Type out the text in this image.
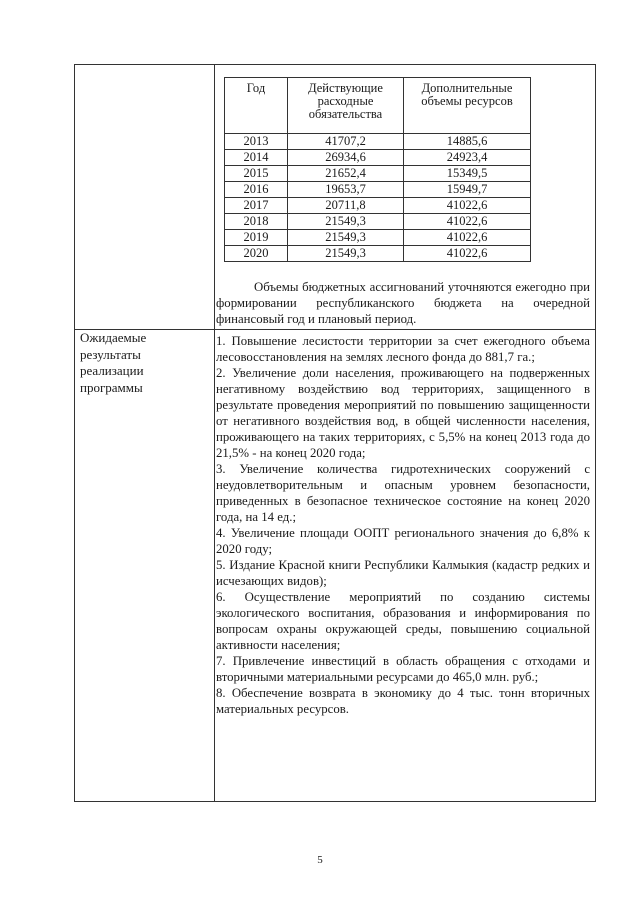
Год	Действующие расходные обязательства	Дополнительные объемы ресурсов
2013	41707,2	14885,6
2014	26934,6	24923,4
2015	21652,4	15349,5
2016	19653,7	15949,7
2017	20711,8	41022,6
2018	21549,3	41022,6
2019	21549,3	41022,6
2020	21549,3	41022,6

Объемы бюджетных ассигнований уточняются ежегодно при формировании республиканского бюджета на очередной финансовый год и плановый период.

Ожидаемые
результаты
реализации
программы

1. Повышение лесистости территории за счет ежегодного объема лесовосстановления на землях лесного фонда до 881,7 га.;

2. Увеличение доли населения, проживающего на подверженных негативному воздействию вод территориях, защищенного в результате проведения мероприятий по повышению защищенности от негативного воздействия вод, в общей численности населения, проживающего на таких территориях, с 5,5% на конец 2013 года до 21,5% - на конец 2020 года;

3. Увеличение количества гидротехнических сооружений с неудовлетворительным и опасным уровнем безопасности, приведенных в безопасное техническое состояние на конец 2020 года, на 14 ед.;

4. Увеличение площади ООПТ регионального значения до 6,8% к 2020 году;

5. Издание Красной книги Республики Калмыкия (кадастр редких и исчезающих видов);

6. Осуществление мероприятий по созданию системы экологического воспитания, образования и информирования по вопросам охраны окружающей среды, повышению социальной активности населения;

7. Привлечение инвестиций в область обращения с отходами и вторичными материальными ресурсами до 465,0 млн. руб.;

8. Обеспечение возврата в экономику до 4 тыс. тонн вторичных материальных ресурсов.

5
